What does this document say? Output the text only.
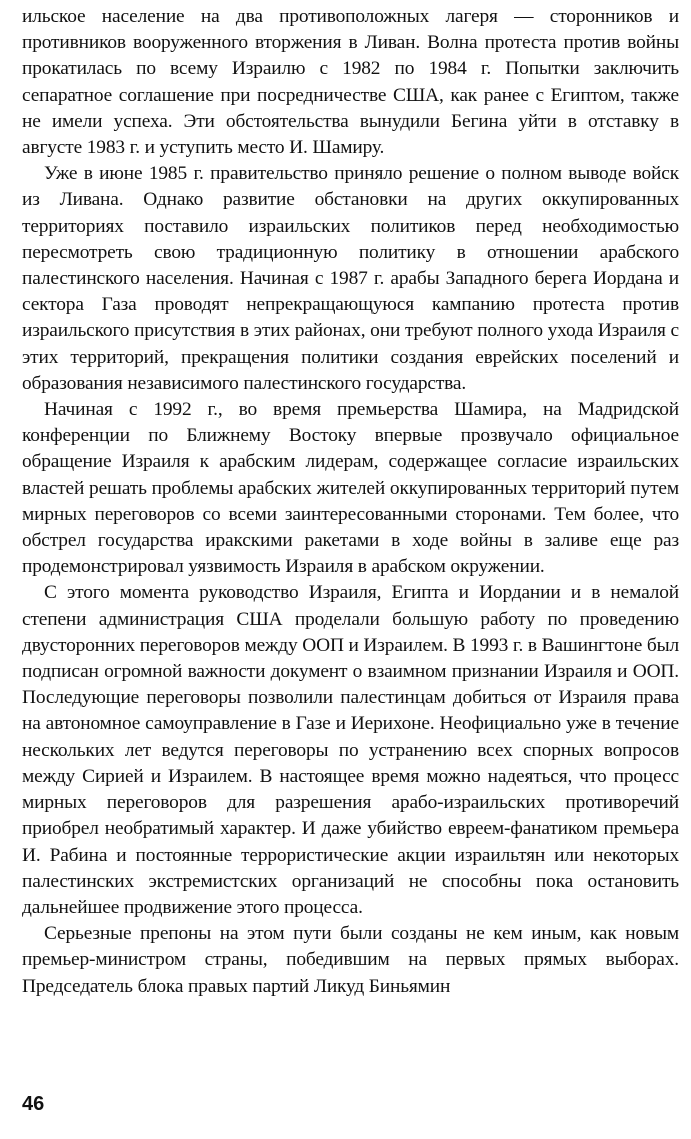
ильское население на два противоположных лагеря — сторонников и противников вооруженного вторжения в Ливан. Волна протеста против войны прокатилась по всему Израилю с 1982 по 1984 г. Попытки заключить сепаратное соглашение при посредничестве США, как ранее с Египтом, также не имели успеха. Эти обстоятельства вынудили Бегина уйти в отставку в августе 1983 г. и уступить место И. Шамиру.

Уже в июне 1985 г. правительство приняло решение о полном выводе войск из Ливана. Однако развитие обстановки на других оккупированных территориях поставило израильских политиков перед необходимостью пересмотреть свою традиционную политику в отношении арабского палестинского населения. Начиная с 1987 г. арабы Западного берега Иордана и сектора Газа проводят непрекращающуюся кампанию протеста против израильского присутствия в этих районах, они требуют полного ухода Израиля с этих территорий, прекращения политики создания еврейских поселений и образования независимого палестинского государства.

Начиная с 1992 г., во время премьерства Шамира, на Мадридской конференции по Ближнему Востоку впервые прозвучало официальное обращение Израиля к арабским лидерам, содержащее согласие израильских властей решать проблемы арабских жителей оккупированных территорий путем мирных переговоров со всеми заинтересованными сторонами. Тем более, что обстрел государства иракскими ракетами в ходе войны в заливе еще раз продемонстрировал уязвимость Израиля в арабском окружении.

С этого момента руководство Израиля, Египта и Иордании и в немалой степени администрация США проделали большую работу по проведению двусторонних переговоров между ООП и Израилем. В 1993 г. в Вашингтоне был подписан огромной важности документ о взаимном признании Израиля и ООП. Последующие переговоры позволили палестинцам добиться от Израиля права на автономное самоуправление в Газе и Иерихоне. Неофициально уже в течение нескольких лет ведутся переговоры по устранению всех спорных вопросов между Сирией и Израилем. В настоящее время можно надеяться, что процесс мирных переговоров для разрешения арабо-израильских противоречий приобрел необратимый характер. И даже убийство евреем-фанатиком премьера И. Рабина и постоянные террористические акции израильтян или некоторых палестинских экстремистских организаций не способны пока остановить дальнейшее продвижение этого процесса.

Серьезные препоны на этом пути были созданы не кем иным, как новым премьер-министром страны, победившим на первых прямых выборах. Председатель блока правых партий Ликуд Биньямин

46
